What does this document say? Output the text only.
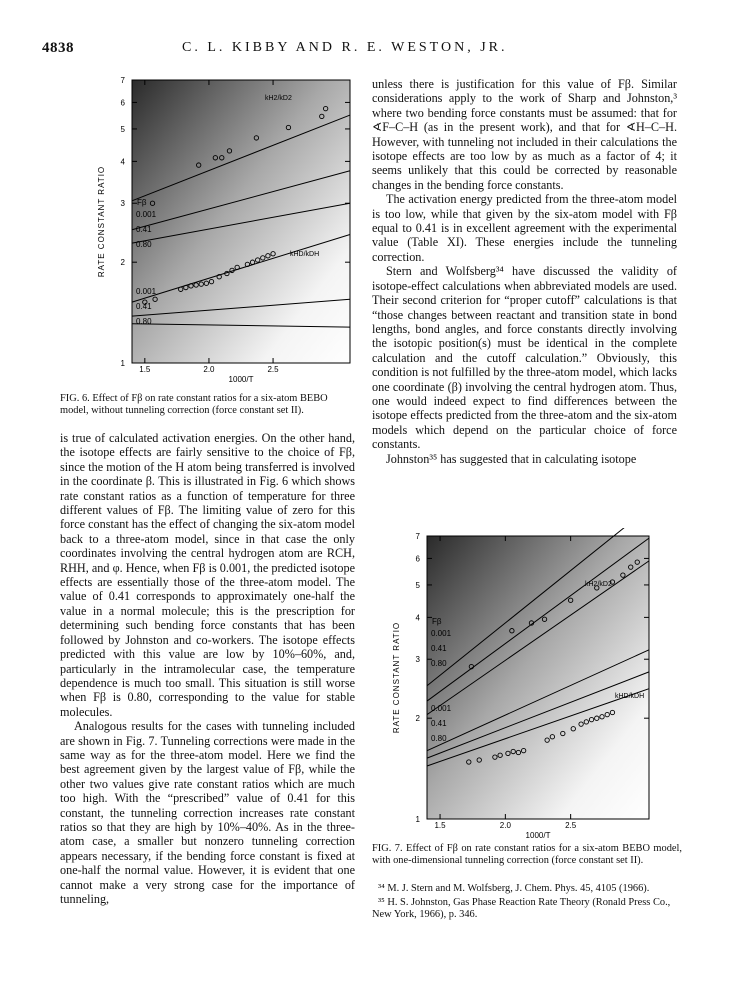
4838	C. L. KIBBY AND R. E. WESTON, JR.
1
2
3
4
5
6
7
1.5	2.0	2.5
1000/T
RATE CONSTANT RATIO	Fβ
0.001
0.41
0.80
0.001
0.41
0.80
kH2/kD2
kHD/kDH
FIG. 6. Effect of Fβ on rate constant ratios for a six-atom BEBO model, without tunneling correction (force constant set II).

is true of calculated activation energies. On the other hand, the isotope effects are fairly sensitive to the choice of Fβ, since the motion of the H atom being transferred is involved in the coordinate β. This is illustrated in Fig. 6 which shows rate constant ratios as a function of temperature for three different values of Fβ. The limiting value of zero for this force constant has the effect of changing the six-atom model back to a three-atom model, since in that case the only coordinates involving the central hydrogen atom are RCH, RHH, and φ. Hence, when Fβ is 0.001, the predicted isotope effects are essentially those of the three-atom model. The value of 0.41 corresponds to approximately one-half the value in a normal molecule; this is the prescription for determining such bending force constants that has been followed by Johnston and co-workers. The isotope effects predicted with this value are low by 10%–60%, and, particularly in the intramolecular case, the temperature dependence is much too small. This situation is still worse when Fβ is 0.80, corresponding to the value for stable molecules.

Analogous results for the cases with tunneling included are shown in Fig. 7. Tunneling corrections were made in the same way as for the three-atom model. Here we find the best agreement given by the largest value of Fβ, while the other two values give rate constant ratios which are much too high. With the “prescribed” value of 0.41 for this constant, the tunneling correction increases rate constant ratios so that they are high by 10%–40%. As in the three-atom case, a smaller but nonzero tunneling correction appears necessary, if the bending force constant is fixed at one-half the normal value. However, it is evident that one cannot make a very strong case for the importance of tunneling,

unless there is justification for this value of Fβ. Similar considerations apply to the work of Sharp and Johnston,³ where two bending force constants must be assumed: that for ∢F–C–H (as in the present work), and that for ∢H–C–H. However, with tunneling not included in their calculations the isotope effects are too low by as much as a factor of 4; it seems unlikely that this could be corrected by reasonable changes in the bending force constants.

The activation energy predicted from the three-atom model is too low, while that given by the six-atom model with Fβ equal to 0.41 is in excellent agreement with the experimental value (Table XI). These energies include the tunneling correction.

Stern and Wolfsberg³⁴ have discussed the validity of isotope-effect calculations when abbreviated models are used. Their second criterion for “proper cutoff” calculations is that “those changes between reactant and transition state in bond lengths, bond angles, and force constants directly involving the isotopic position(s) must be identical in the complete calculation and the cutoff calculation.” Obviously, this condition is not fulfilled by the three-atom model, which lacks one coordinate (β) involving the central hydrogen atom. Thus, one would indeed expect to find differences between the isotope effects predicted from the three-atom and the six-atom models which depend on the particular choice of force constants.

Johnston³⁵ has suggested that in calculating isotope

1
2
3
4
5
6
7
1.5	2.0	2.5
1000/T
RATE CONSTANT RATIO
Fβ
0.001
0.41
0.80
0.001
0.41
0.80
kH2/kD2
kHD/kDH
FIG. 7. Effect of Fβ on rate constant ratios for a six-atom BEBO model, with one-dimensional tunneling correction (force constant set II).

³⁴ M. J. Stern and M. Wolfsberg, J. Chem. Phys. 45, 4105 (1966).

³⁵ H. S. Johnston, Gas Phase Reaction Rate Theory (Ronald Press Co., New York, 1966), p. 346.
